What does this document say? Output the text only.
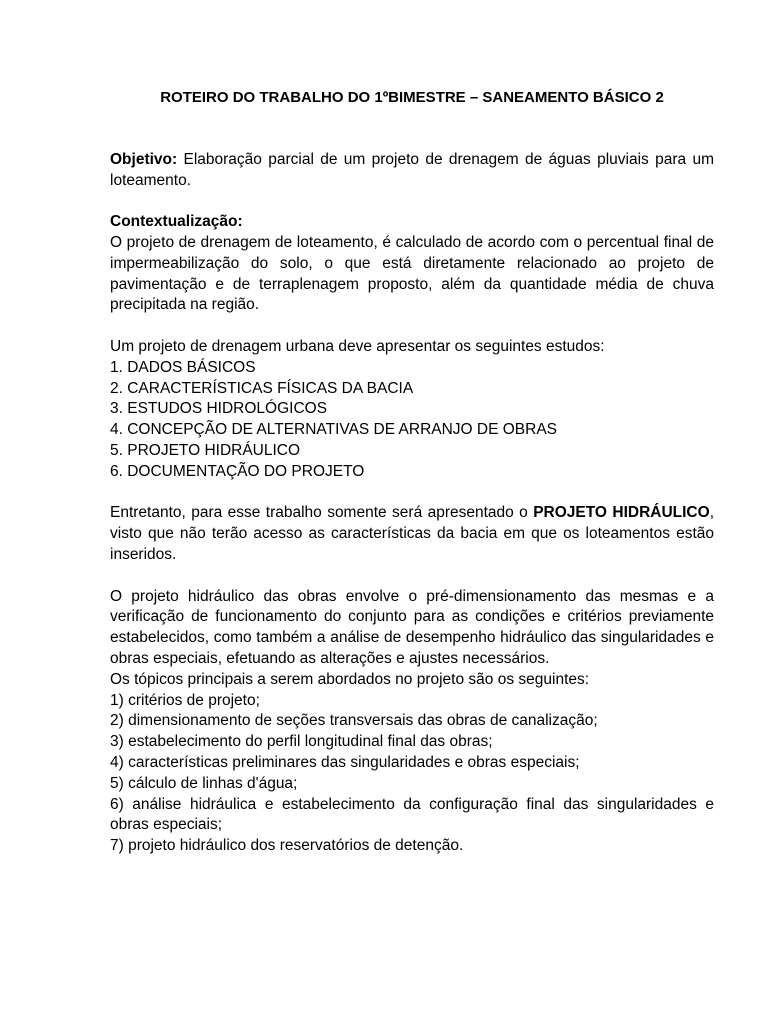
ROTEIRO DO TRABALHO DO 1ºBIMESTRE – SANEAMENTO BÁSICO 2

Objetivo: Elaboração parcial de um projeto de drenagem de águas pluviais para um loteamento.

Contextualização:

O projeto de drenagem de loteamento, é calculado de acordo com o percentual final de impermeabilização do solo, o que está diretamente relacionado ao projeto de pavimentação e de terraplenagem proposto, além da quantidade média de chuva precipitada na região.

Um projeto de drenagem urbana deve apresentar os seguintes estudos:

1. DADOS BÁSICOS
2. CARACTERÍSTICAS FÍSICAS DA BACIA
3. ESTUDOS HIDROLÓGICOS
4. CONCEPÇÃO DE ALTERNATIVAS DE ARRANJO DE OBRAS
5. PROJETO HIDRÁULICO
6. DOCUMENTAÇÃO DO PROJETO

Entretanto, para esse trabalho somente será apresentado o PROJETO HIDRÁULICO, visto que não terão acesso as características da bacia em que os loteamentos estão inseridos.

O projeto hidráulico das obras envolve o pré-dimensionamento das mesmas e a verificação de funcionamento do conjunto para as condições e critérios previamente estabelecidos, como também a análise de desempenho hidráulico das singularidades e obras especiais, efetuando as alterações e ajustes necessários.

Os tópicos principais a serem abordados no projeto são os seguintes:

1) critérios de projeto;
2) dimensionamento de seções transversais das obras de canalização;
3) estabelecimento do perfil longitudinal final das obras;
4) características preliminares das singularidades e obras especiais;
5) cálculo de linhas d'água;
6) análise hidráulica e estabelecimento da configuração final das singularidades e obras especiais;
7) projeto hidráulico dos reservatórios de detenção.
